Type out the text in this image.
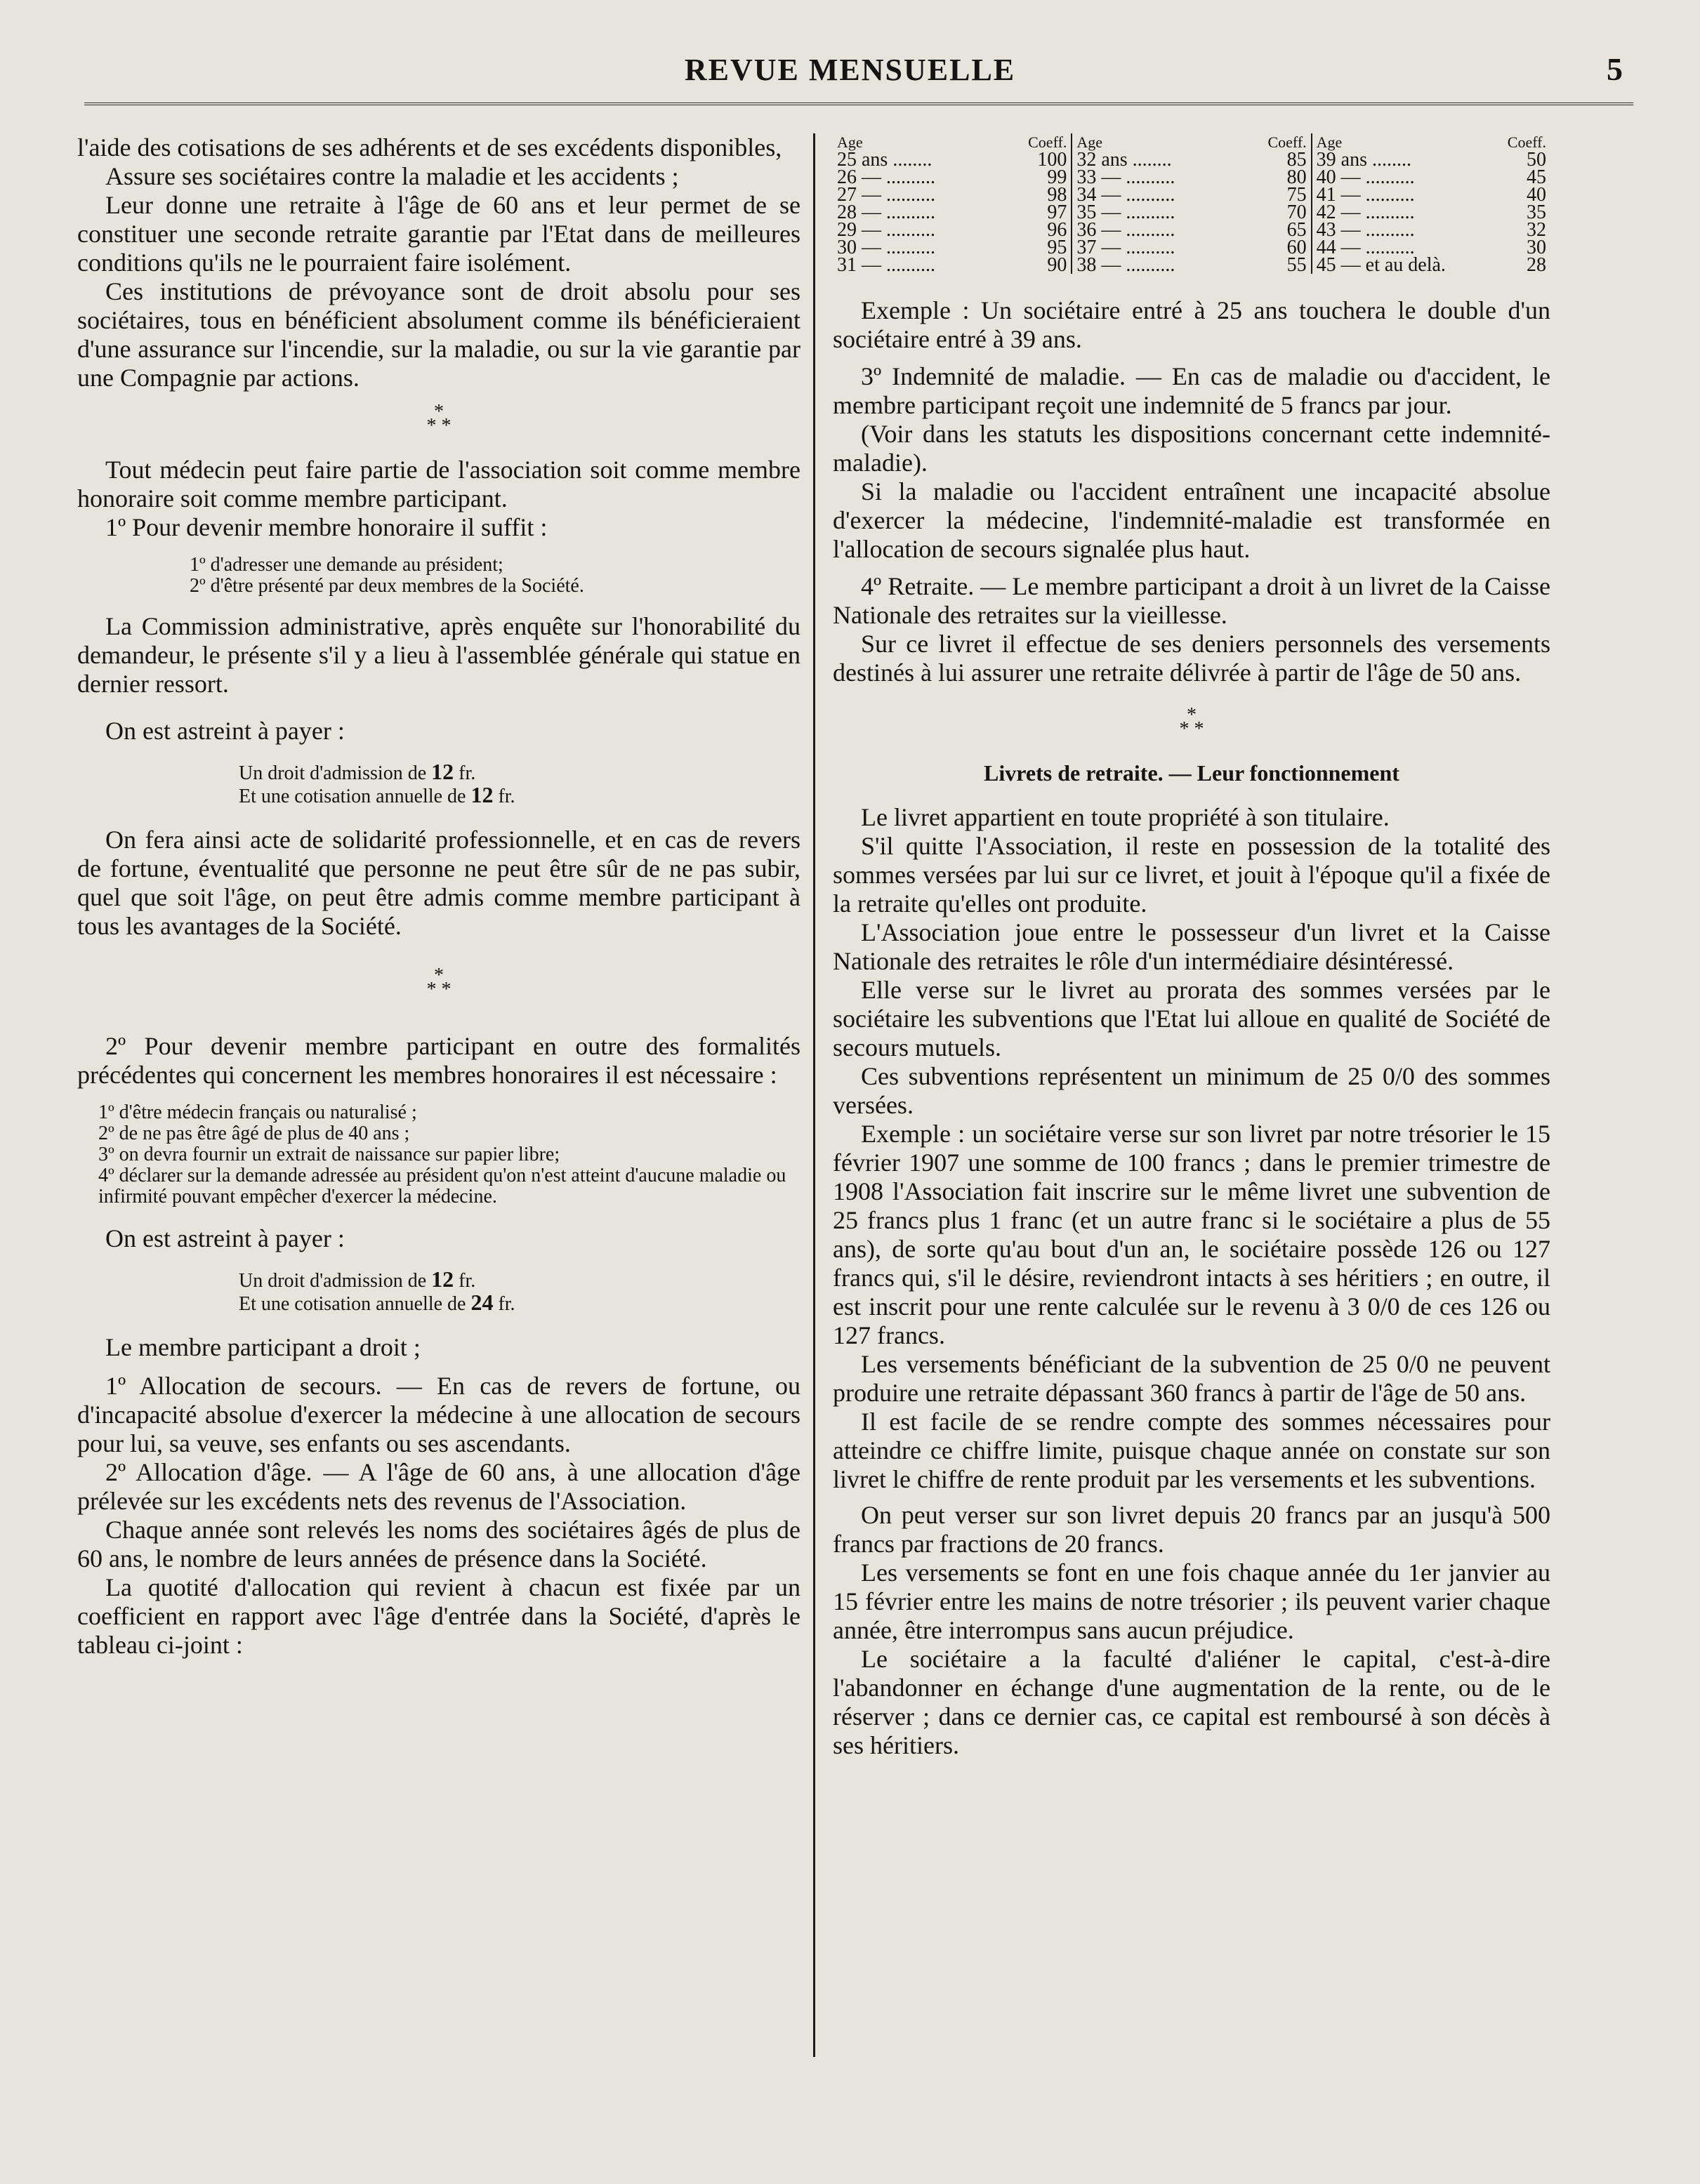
REVUE MENSUELLE	5

l'aide des cotisations de ses adhérents et de ses excédents disponibles,

Assure ses sociétaires contre la maladie et les accidents ;

Leur donne une retraite à l'âge de 60 ans et leur permet de se constituer une seconde retraite garantie par l'Etat dans de meilleures conditions qu'ils ne le pourraient faire isolément.

Ces institutions de prévoyance sont de droit absolu pour ses sociétaires, tous en bénéficient absolument comme ils bénéficieraient d'une assurance sur l'incendie, sur la maladie, ou sur la vie garantie par une Compagnie par actions.

*
* *

Tout médecin peut faire partie de l'association soit comme membre honoraire soit comme membre participant.

1º Pour devenir membre honoraire il suffit :

1º d'adresser une demande au président;
2º d'être présenté par deux membres de la Société.

La Commission administrative, après enquête sur l'honorabilité du demandeur, le présente s'il y a lieu à l'assemblée générale qui statue en dernier ressort.

On est astreint à payer :

Un droit d'admission de 12 fr.
Et une cotisation annuelle de 12 fr.

On fera ainsi acte de solidarité professionnelle, et en cas de revers de fortune, éventualité que personne ne peut être sûr de ne pas subir, quel que soit l'âge, on peut être admis comme membre participant à tous les avantages de la Société.

*
* *

2º Pour devenir membre participant en outre des formalités précédentes qui concernent les membres honoraires il est nécessaire :

1º d'être médecin français ou naturalisé ;
2º de ne pas être âgé de plus de 40 ans ;
3º on devra fournir un extrait de naissance sur papier libre;
4º déclarer sur la demande adressée au président qu'on n'est atteint d'aucune maladie ou infirmité pouvant empêcher d'exercer la médecine.

On est astreint à payer :

Un droit d'admission de 12 fr.
Et une cotisation annuelle de 24 fr.

Le membre participant a droit ;

1º Allocation de secours. — En cas de revers de fortune, ou d'incapacité absolue d'exercer la médecine à une allocation de secours pour lui, sa veuve, ses enfants ou ses ascendants.

2º Allocation d'âge. — A l'âge de 60 ans, à une allocation d'âge prélevée sur les excédents nets des revenus de l'Association.

Chaque année sont relevés les noms des sociétaires âgés de plus de 60 ans, le nombre de leurs années de présence dans la Société.

La quotité d'allocation qui revient à chacun est fixée par un coefficient en rapport avec l'âge d'entrée dans la Société, d'après le tableau ci-joint :

Age	Coeff.
25 ans ........	100
26 — ..........	99
27 — ..........	98
28 — ..........	97
29 — ..........	96
30 — ..........	95
31 — ..........	90
Age	Coeff.
32 ans ........	85
33 — ..........	80
34 — ..........	75
35 — ..........	70
36 — ..........	65
37 — ..........	60
38 — ..........	55
Age	Coeff.
39 ans ........	50
40 — ..........	45
41 — ..........	40
42 — ..........	35
43 — ..........	32
44 — ..........	30
45 — et au delà.	28

Exemple : Un sociétaire entré à 25 ans touchera le double d'un sociétaire entré à 39 ans.

3º Indemnité de maladie. — En cas de maladie ou d'accident, le membre participant reçoit une indemnité de 5 francs par jour.

(Voir dans les statuts les dispositions concernant cette indemnité-maladie).

Si la maladie ou l'accident entraînent une incapacité absolue d'exercer la médecine, l'indemnité-maladie est transformée en l'allocation de secours signalée plus haut.

4º Retraite. — Le membre participant a droit à un livret de la Caisse Nationale des retraites sur la vieillesse.

Sur ce livret il effectue de ses deniers personnels des versements destinés à lui assurer une retraite délivrée à partir de l'âge de 50 ans.

*
* *
Livrets de retraite. — Leur fonctionnement

Le livret appartient en toute propriété à son titulaire.

S'il quitte l'Association, il reste en possession de la totalité des sommes versées par lui sur ce livret, et jouit à l'époque qu'il a fixée de la retraite qu'elles ont produite.

L'Association joue entre le possesseur d'un livret et la Caisse Nationale des retraites le rôle d'un intermédiaire désintéressé.

Elle verse sur le livret au prorata des sommes versées par le sociétaire les subventions que l'Etat lui alloue en qualité de Société de secours mutuels.

Ces subventions représentent un minimum de 25 0/0 des sommes versées.

Exemple : un sociétaire verse sur son livret par notre trésorier le 15 février 1907 une somme de 100 francs ; dans le premier trimestre de 1908 l'Association fait inscrire sur le même livret une subvention de 25 francs plus 1 franc (et un autre franc si le sociétaire a plus de 55 ans), de sorte qu'au bout d'un an, le sociétaire possède 126 ou 127 francs qui, s'il le désire, reviendront intacts à ses héritiers ; en outre, il est inscrit pour une rente calculée sur le revenu à 3 0/0 de ces 126 ou 127 francs.

Les versements bénéficiant de la subvention de 25 0/0 ne peuvent produire une retraite dépassant 360 francs à partir de l'âge de 50 ans.

Il est facile de se rendre compte des sommes nécessaires pour atteindre ce chiffre limite, puisque chaque année on constate sur son livret le chiffre de rente produit par les versements et les subventions.

On peut verser sur son livret depuis 20 francs par an jusqu'à 500 francs par fractions de 20 francs.

Les versements se font en une fois chaque année du 1er janvier au 15 février entre les mains de notre trésorier ; ils peuvent varier chaque année, être interrompus sans aucun préjudice.

Le sociétaire a la faculté d'aliéner le capital, c'est-à-dire l'abandonner en échange d'une augmentation de la rente, ou de le réserver ; dans ce dernier cas, ce capital est remboursé à son décès à ses héritiers.
